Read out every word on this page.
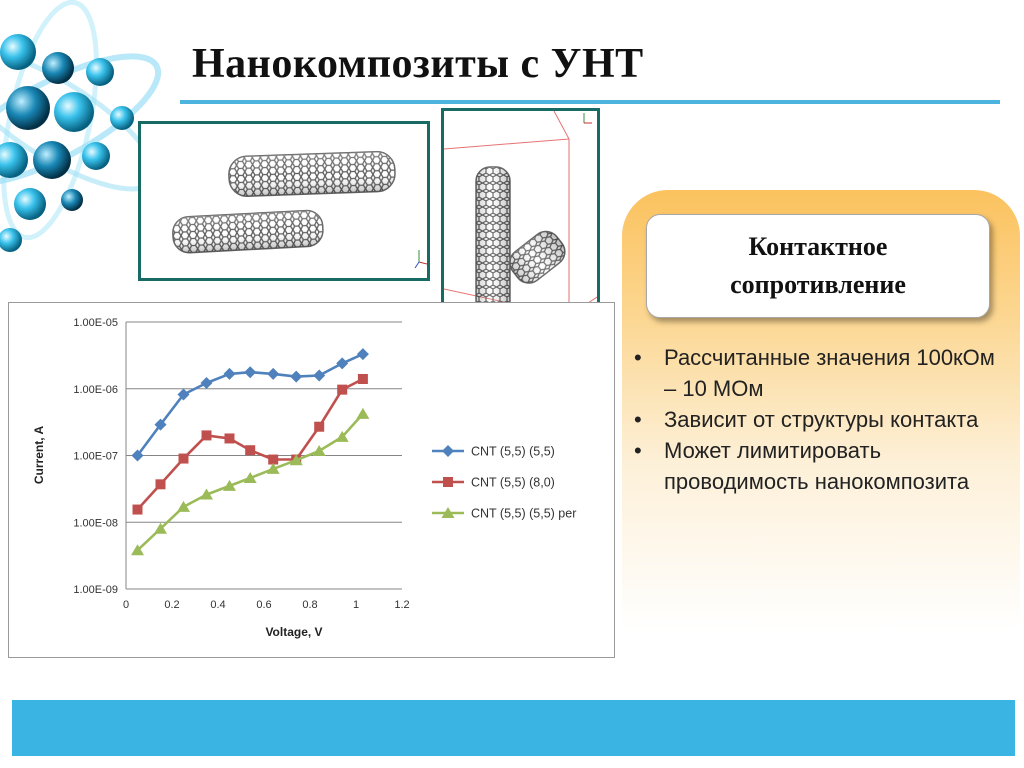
Нанокомпозиты с УНТ
1.00E-09
1.00E-08
1.00E-07
1.00E-06
1.00E-05
0	0.2	0.4	0.6	0.8	1	1.2
Voltage, V
Current, A	CNT (5,5) (5,5)
CNT (5,5) (8,0)
CNT (5,5) (5,5) per
Контактное
сопротивление
• Рассчитанные значения 100кОм – 10 МОм
• Зависит от структуры контакта
• Может лимитировать проводимость нанокомпозита
